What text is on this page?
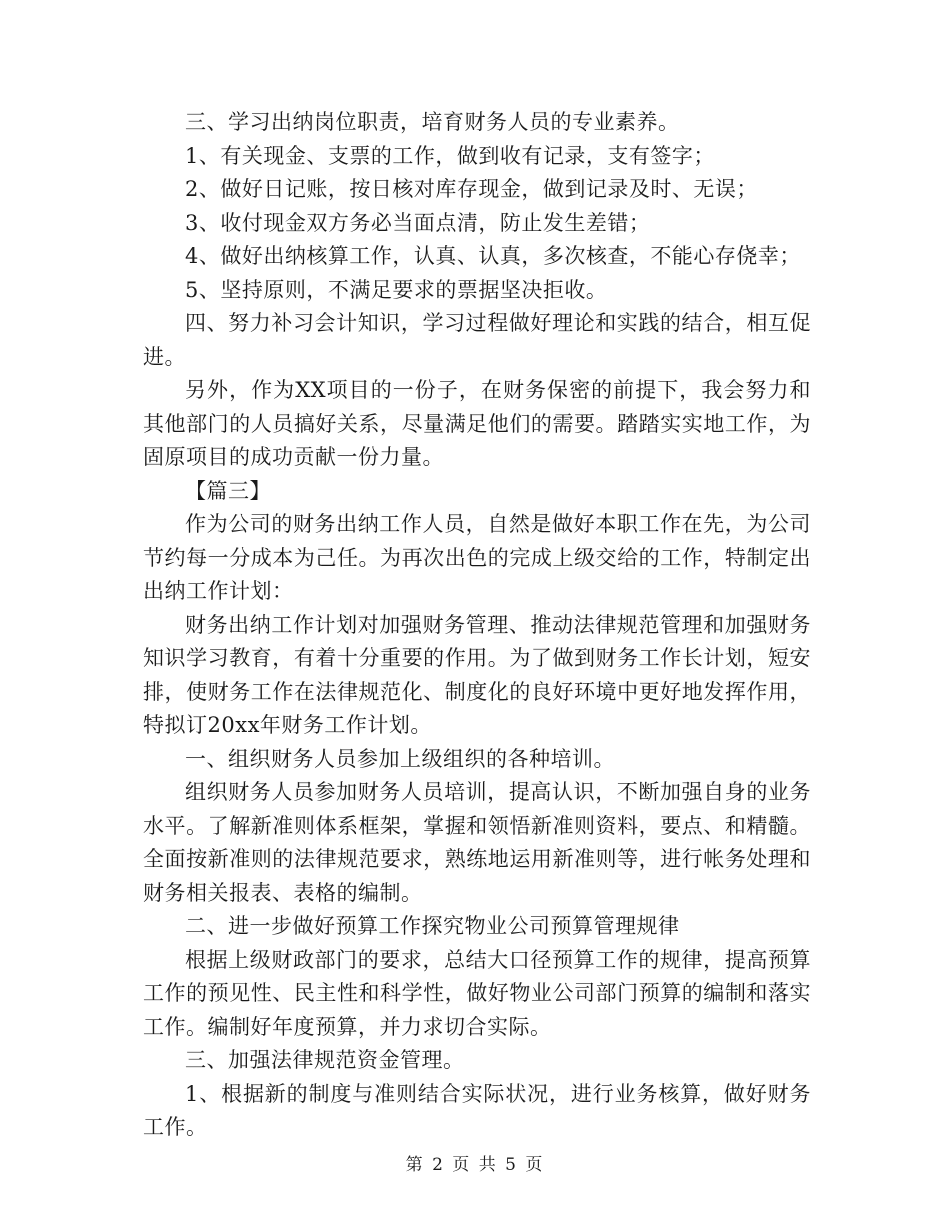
三、学习出纳岗位职责，培育财务人员的专业素养。

1、有关现金、支票的工作，做到收有记录，支有签字；

2、做好日记账，按日核对库存现金，做到记录及时、无误；

3、收付现金双方务必当面点清，防止发生差错；

4、做好出纳核算工作，认真、认真，多次核查，不能心存侥幸；

5、坚持原则，不满足要求的票据坚决拒收。

四、努力补习会计知识，学习过程做好理论和实践的结合，相互促进。

另外，作为XX项目的一份子，在财务保密的前提下，我会努力和其他部门的人员搞好关系，尽量满足他们的需要。踏踏实实地工作，为固原项目的成功贡献一份力量。

【篇三】

作为公司的财务出纳工作人员，自然是做好本职工作在先，为公司节约每一分成本为己任。为再次出色的完成上级交给的工作，特制定出出纳工作计划：

财务出纳工作计划对加强财务管理、推动法律规范管理和加强财务知识学习教育，有着十分重要的作用。为了做到财务工作长计划，短安排，使财务工作在法律规范化、制度化的良好环境中更好地发挥作用，特拟订20xx年财务工作计划。

一、组织财务人员参加上级组织的各种培训。

组织财务人员参加财务人员培训，提高认识，不断加强自身的业务水平。了解新准则体系框架，掌握和领悟新准则资料，要点、和精髓。全面按新准则的法律规范要求，熟练地运用新准则等，进行帐务处理和财务相关报表、表格的编制。

二、进一步做好预算工作探究物业公司预算管理规律

根据上级财政部门的要求，总结大口径预算工作的规律，提高预算工作的预见性、民主性和科学性，做好物业公司部门预算的编制和落实工作。编制好年度预算，并力求切合实际。

三、加强法律规范资金管理。

1、根据新的制度与准则结合实际状况，进行业务核算，做好财务工作。

第 2 页 共 5 页
